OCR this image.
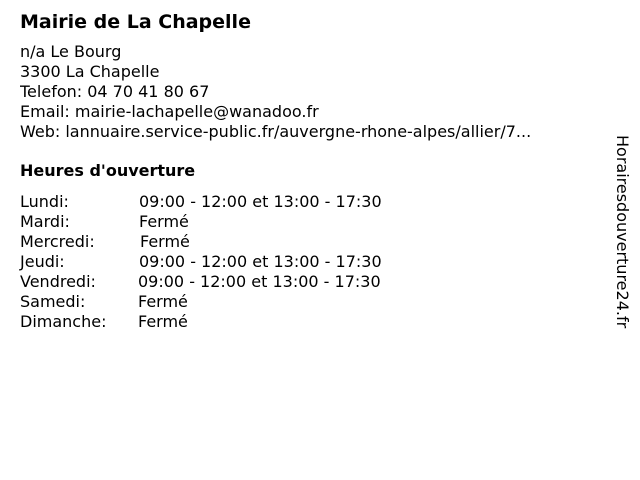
Mairie de La Chapelle
n/a Le Bourg
3300 La Chapelle
Telefon: 04 70 41 80 67
Email: mairie-lachapelle@wanadoo.fr
Web: lannuaire.service-public.fr/auvergne-rhone-alpes/allier/7...
Heures d'ouverture
Lundi:	09:00 - 12:00 et 13:00 - 17:30
Mardi:	Fermé
Mercredi:	Fermé
Jeudi:	09:00 - 12:00 et 13:00 - 17:30
Vendredi:	09:00 - 12:00 et 13:00 - 17:30
Samedi:	Fermé
Dimanche: Fermé	Horairesdouverture24.fr
